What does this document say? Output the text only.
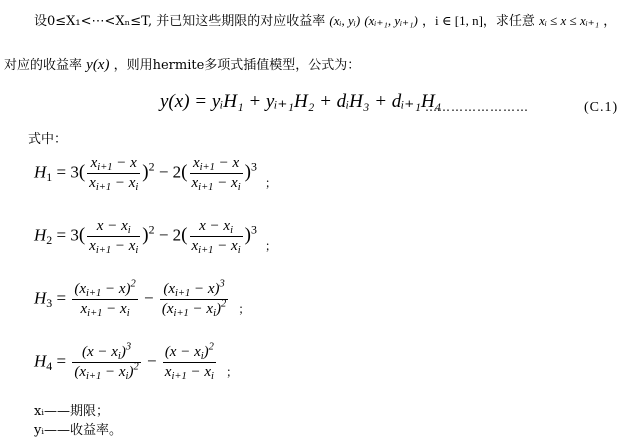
设0≤X₁<⋯<Xₙ≤T, 并已知这些期限的对应收益率 (xᵢ, yᵢ) (xᵢ₊₁, yᵢ₊₁) ，i ∈ [1, n]，求任意 xᵢ ≤ x ≤ xᵢ₊₁ ，
对应的收益率 y(x) ，则用hermite多项式插值模型，公式为：
y(x) = yᵢH₁ + yᵢ₊₁H₂ + dᵢH₃ + dᵢ₊₁H₄
……………………	(C.1)
式中：
$H_1 = 3( \frac{x_{i+1} - x}{x_{i+1} - x_i} )^2 - 2( \frac{x_{i+1} - x}{x_{i+1} - x_i} )^3_;$
$H_2 = 3( \frac{x - x_i}{x_{i+1} - x_i} )^2 - 2( \frac{x - x_i}{x_{i+1} - x_i} )^3_;$
$H_3 = \frac{(x_{i+1} - x)^2}{x_{i+1} - x_i} - \frac{(x_{i+1} - x)^3}{(x_{i+1} - x_i)^2} _;$
$H_4 = \frac{(x - x_i)^3}{(x_{i+1} - x_i)^2} - \frac{(x - x_i)^2}{x_{i+1} - x_i} _;$
xᵢ——期限；
yᵢ——收益率。
